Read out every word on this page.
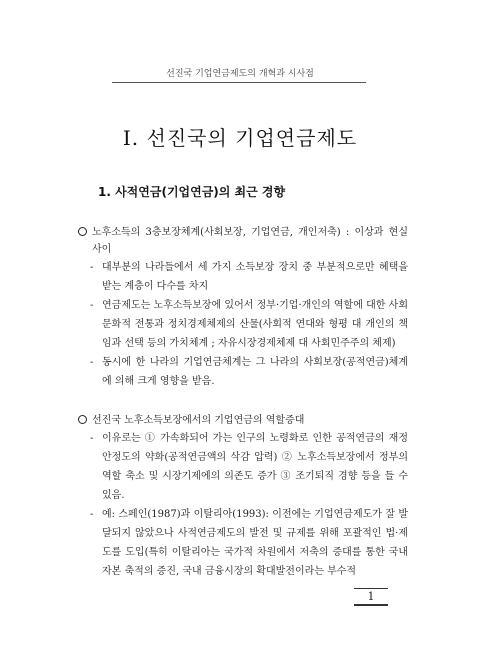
선진국 기업연금제도의 개혁과 시사점
Ⅰ. 선진국의 기업연금제도
1. 사적연금(기업연금)의 최근 경향
노후소득의 3층보장체계(사회보장, 기업연금, 개인저축) : 이상과 현실 사이
- 대부분의 나라들에서 세 가지 소득보장 장치 중 부분적으로만 혜택을 받는 계층이 다수를 차지
- 연금제도는 노후소득보장에 있어서 정부·기업·개인의 역할에 대한 사회문화적 전통과 정치경제체제의 산물(사회적 연대와 형평 대 개인의 책임과 선택 등의 가치체계 ; 자유시장경제체제 대 사회민주주의 체제)
- 동시에 한 나라의 기업연금체계는 그 나라의 사회보장(공적연금)체계에 의해 크게 영향을 받음.
선진국 노후소득보장에서의 기업연금의 역할증대
- 이유로는 ① 가속화되어 가는 인구의 노령화로 인한 공적연금의 재정 안정도의 약화(공적연금액의 삭감 압력) ② 노후소득보장에서 정부의 역할 축소 및 시장기제에의 의존도 증가 ③ 조기퇴직 경향 등을 들 수 있음.
- 예: 스페인(1987)과 이탈리아(1993): 이전에는 기업연금제도가 잘 발달되지 않았으나 사적연금제도의 발전 및 규제를 위해 포괄적인 법·제도를 도입(특히 이탈리아는 국가적 차원에서 저축의 증대를 통한 국내자본 축적의 증진, 국내 금융시장의 확대발전이라는 부수적
1
